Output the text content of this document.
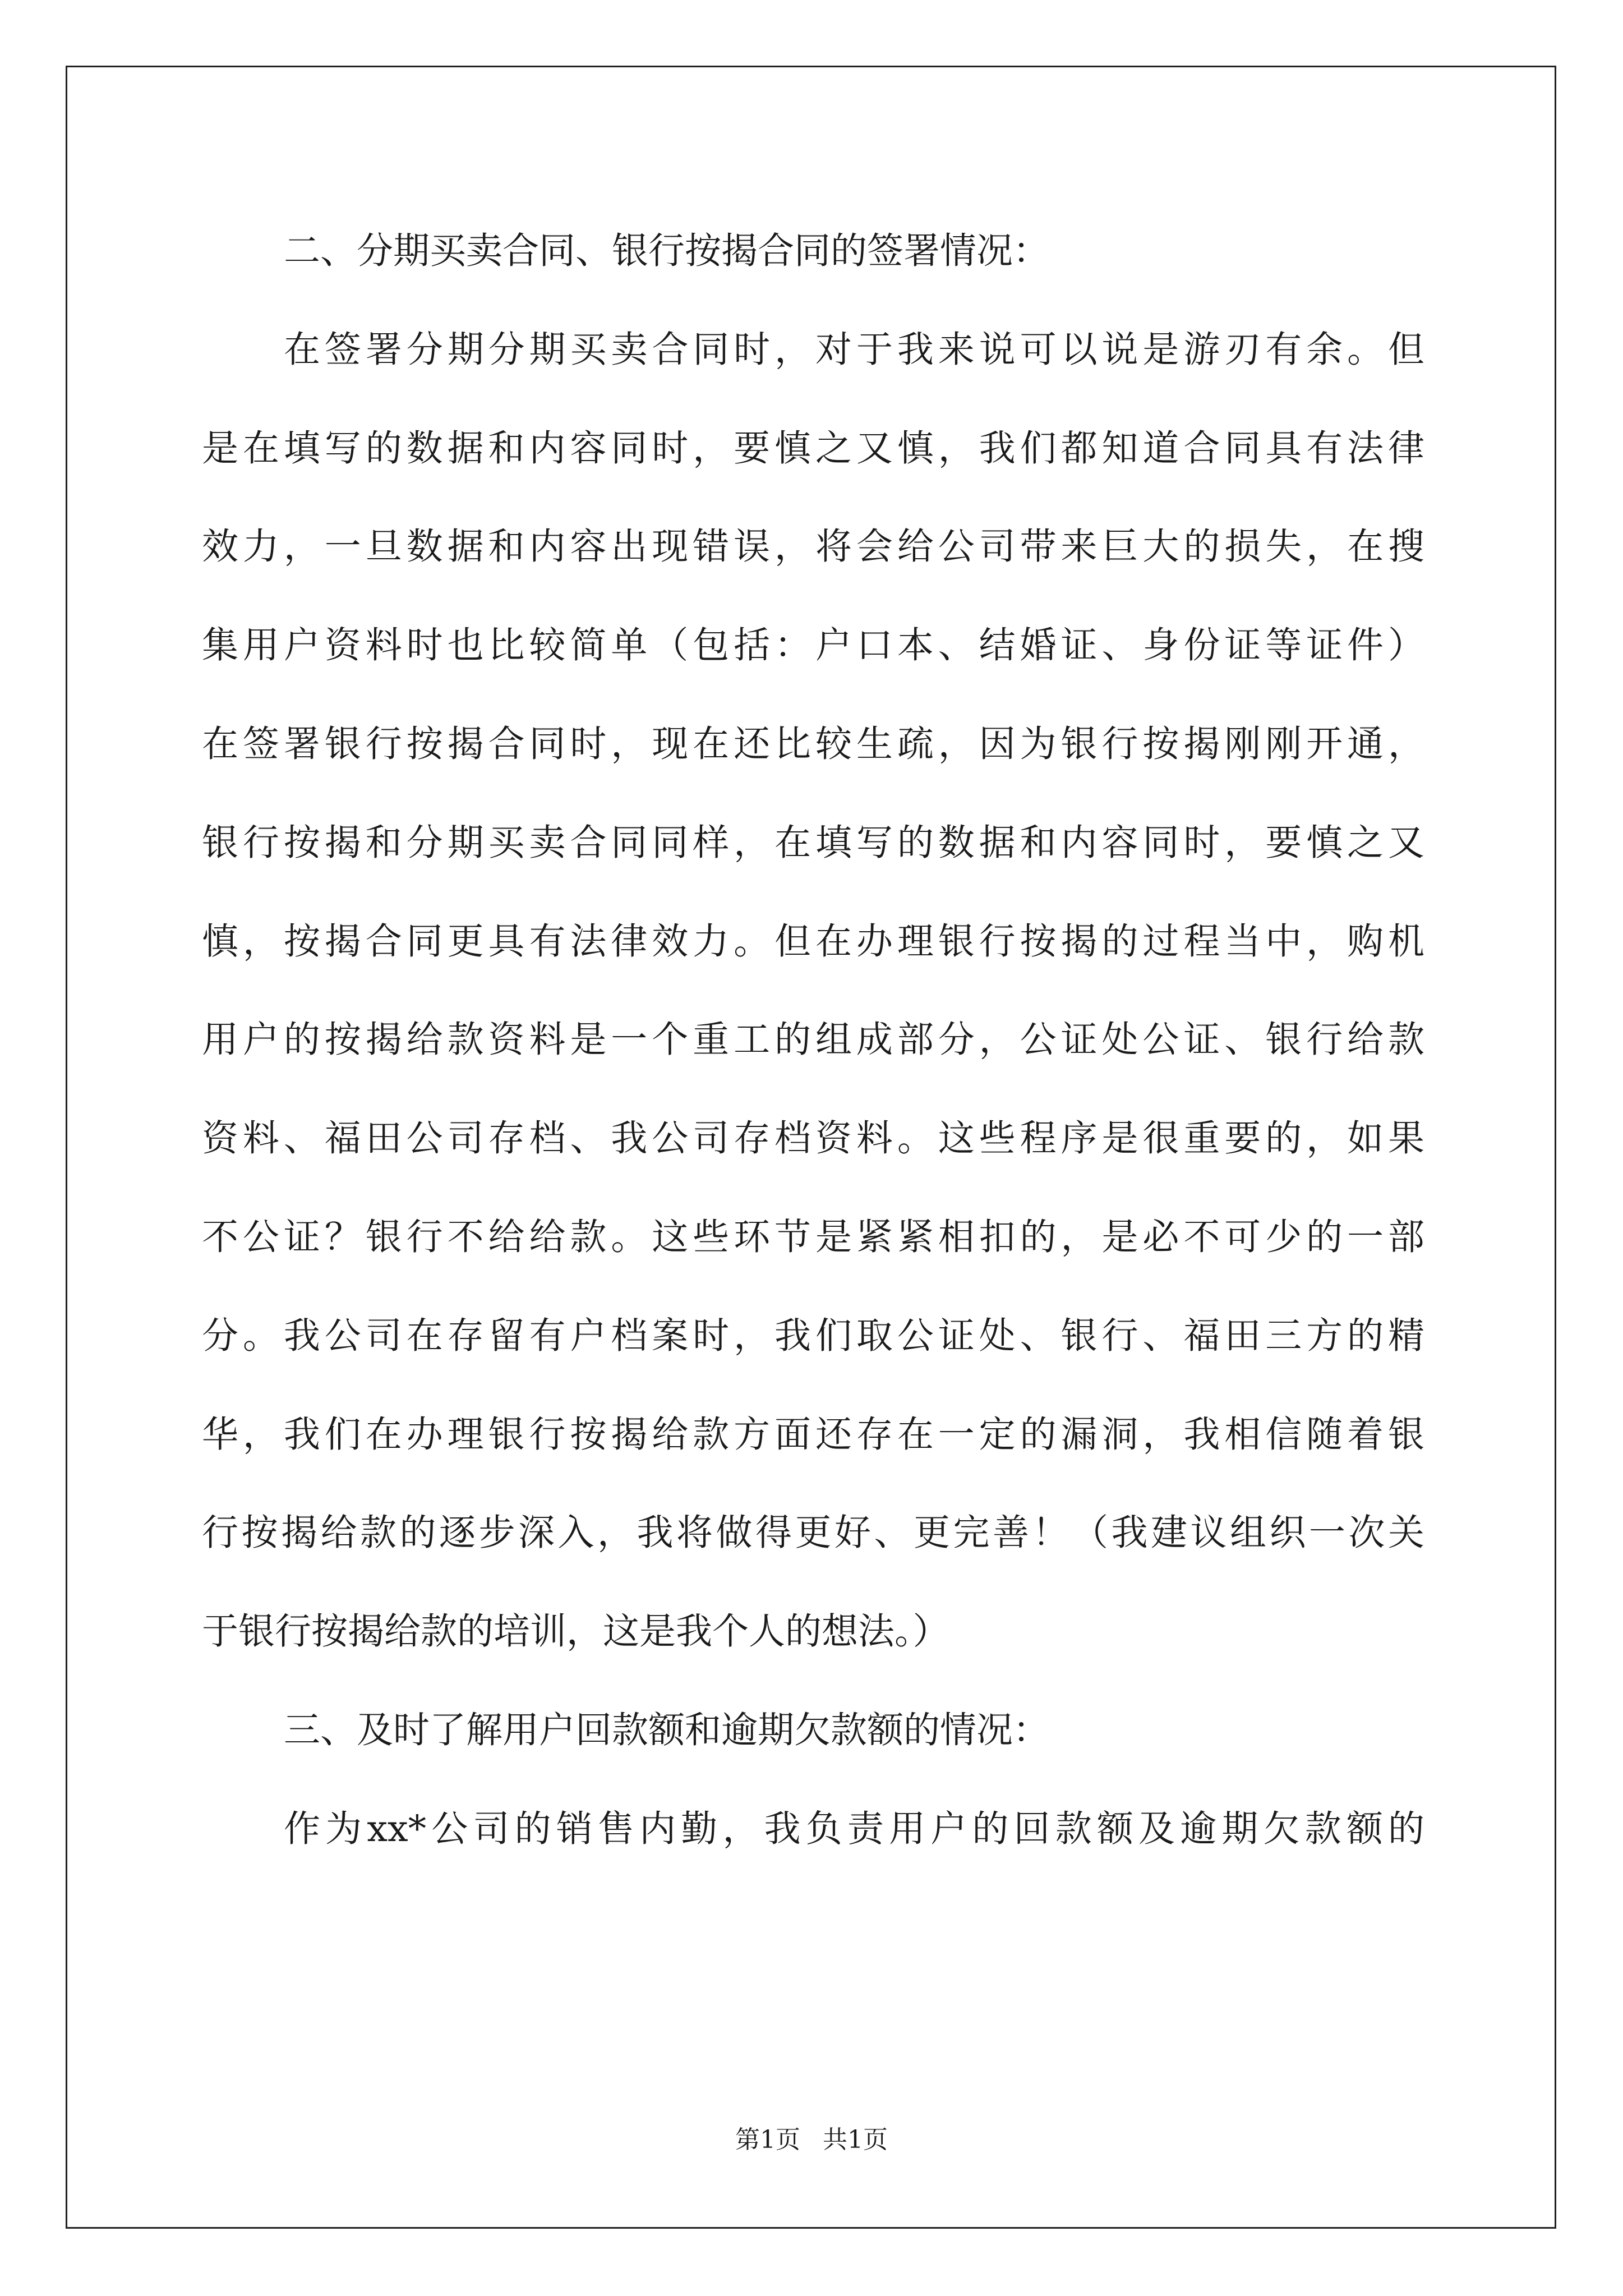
二、分期买卖合同、银行按揭合同的签署情况：
在签署分期分期买卖合同时，对于我来说可以说是游刃有余。但
是在填写的数据和内容同时，要慎之又慎，我们都知道合同具有法律
效力，一旦数据和内容出现错误，将会给公司带来巨大的损失，在搜
集用户资料时也比较简单（包括：户口本、结婚证、身份证等证件）
在签署银行按揭合同时，现在还比较生疏，因为银行按揭刚刚开通，
银行按揭和分期买卖合同同样，在填写的数据和内容同时，要慎之又
慎，按揭合同更具有法律效力。但在办理银行按揭的过程当中，购机
用户的按揭给款资料是一个重工的组成部分，公证处公证、银行给款
资料、福田公司存档、我公司存档资料。这些程序是很重要的，如果
不公证？银行不给给款。这些环节是紧紧相扣的，是必不可少的一部
分。我公司在存留有户档案时，我们取公证处、银行、福田三方的精
华，我们在办理银行按揭给款方面还存在一定的漏洞，我相信随着银
行按揭给款的逐步深入，我将做得更好、更完善！（我建议组织一次关
于银行按揭给款的培训，这是我个人的想法。）
三、及时了解用户回款额和逾期欠款额的情况：
作为xx*公司的销售内勤，我负责用户的回款额及逾期欠款额的
第1页 共1页
